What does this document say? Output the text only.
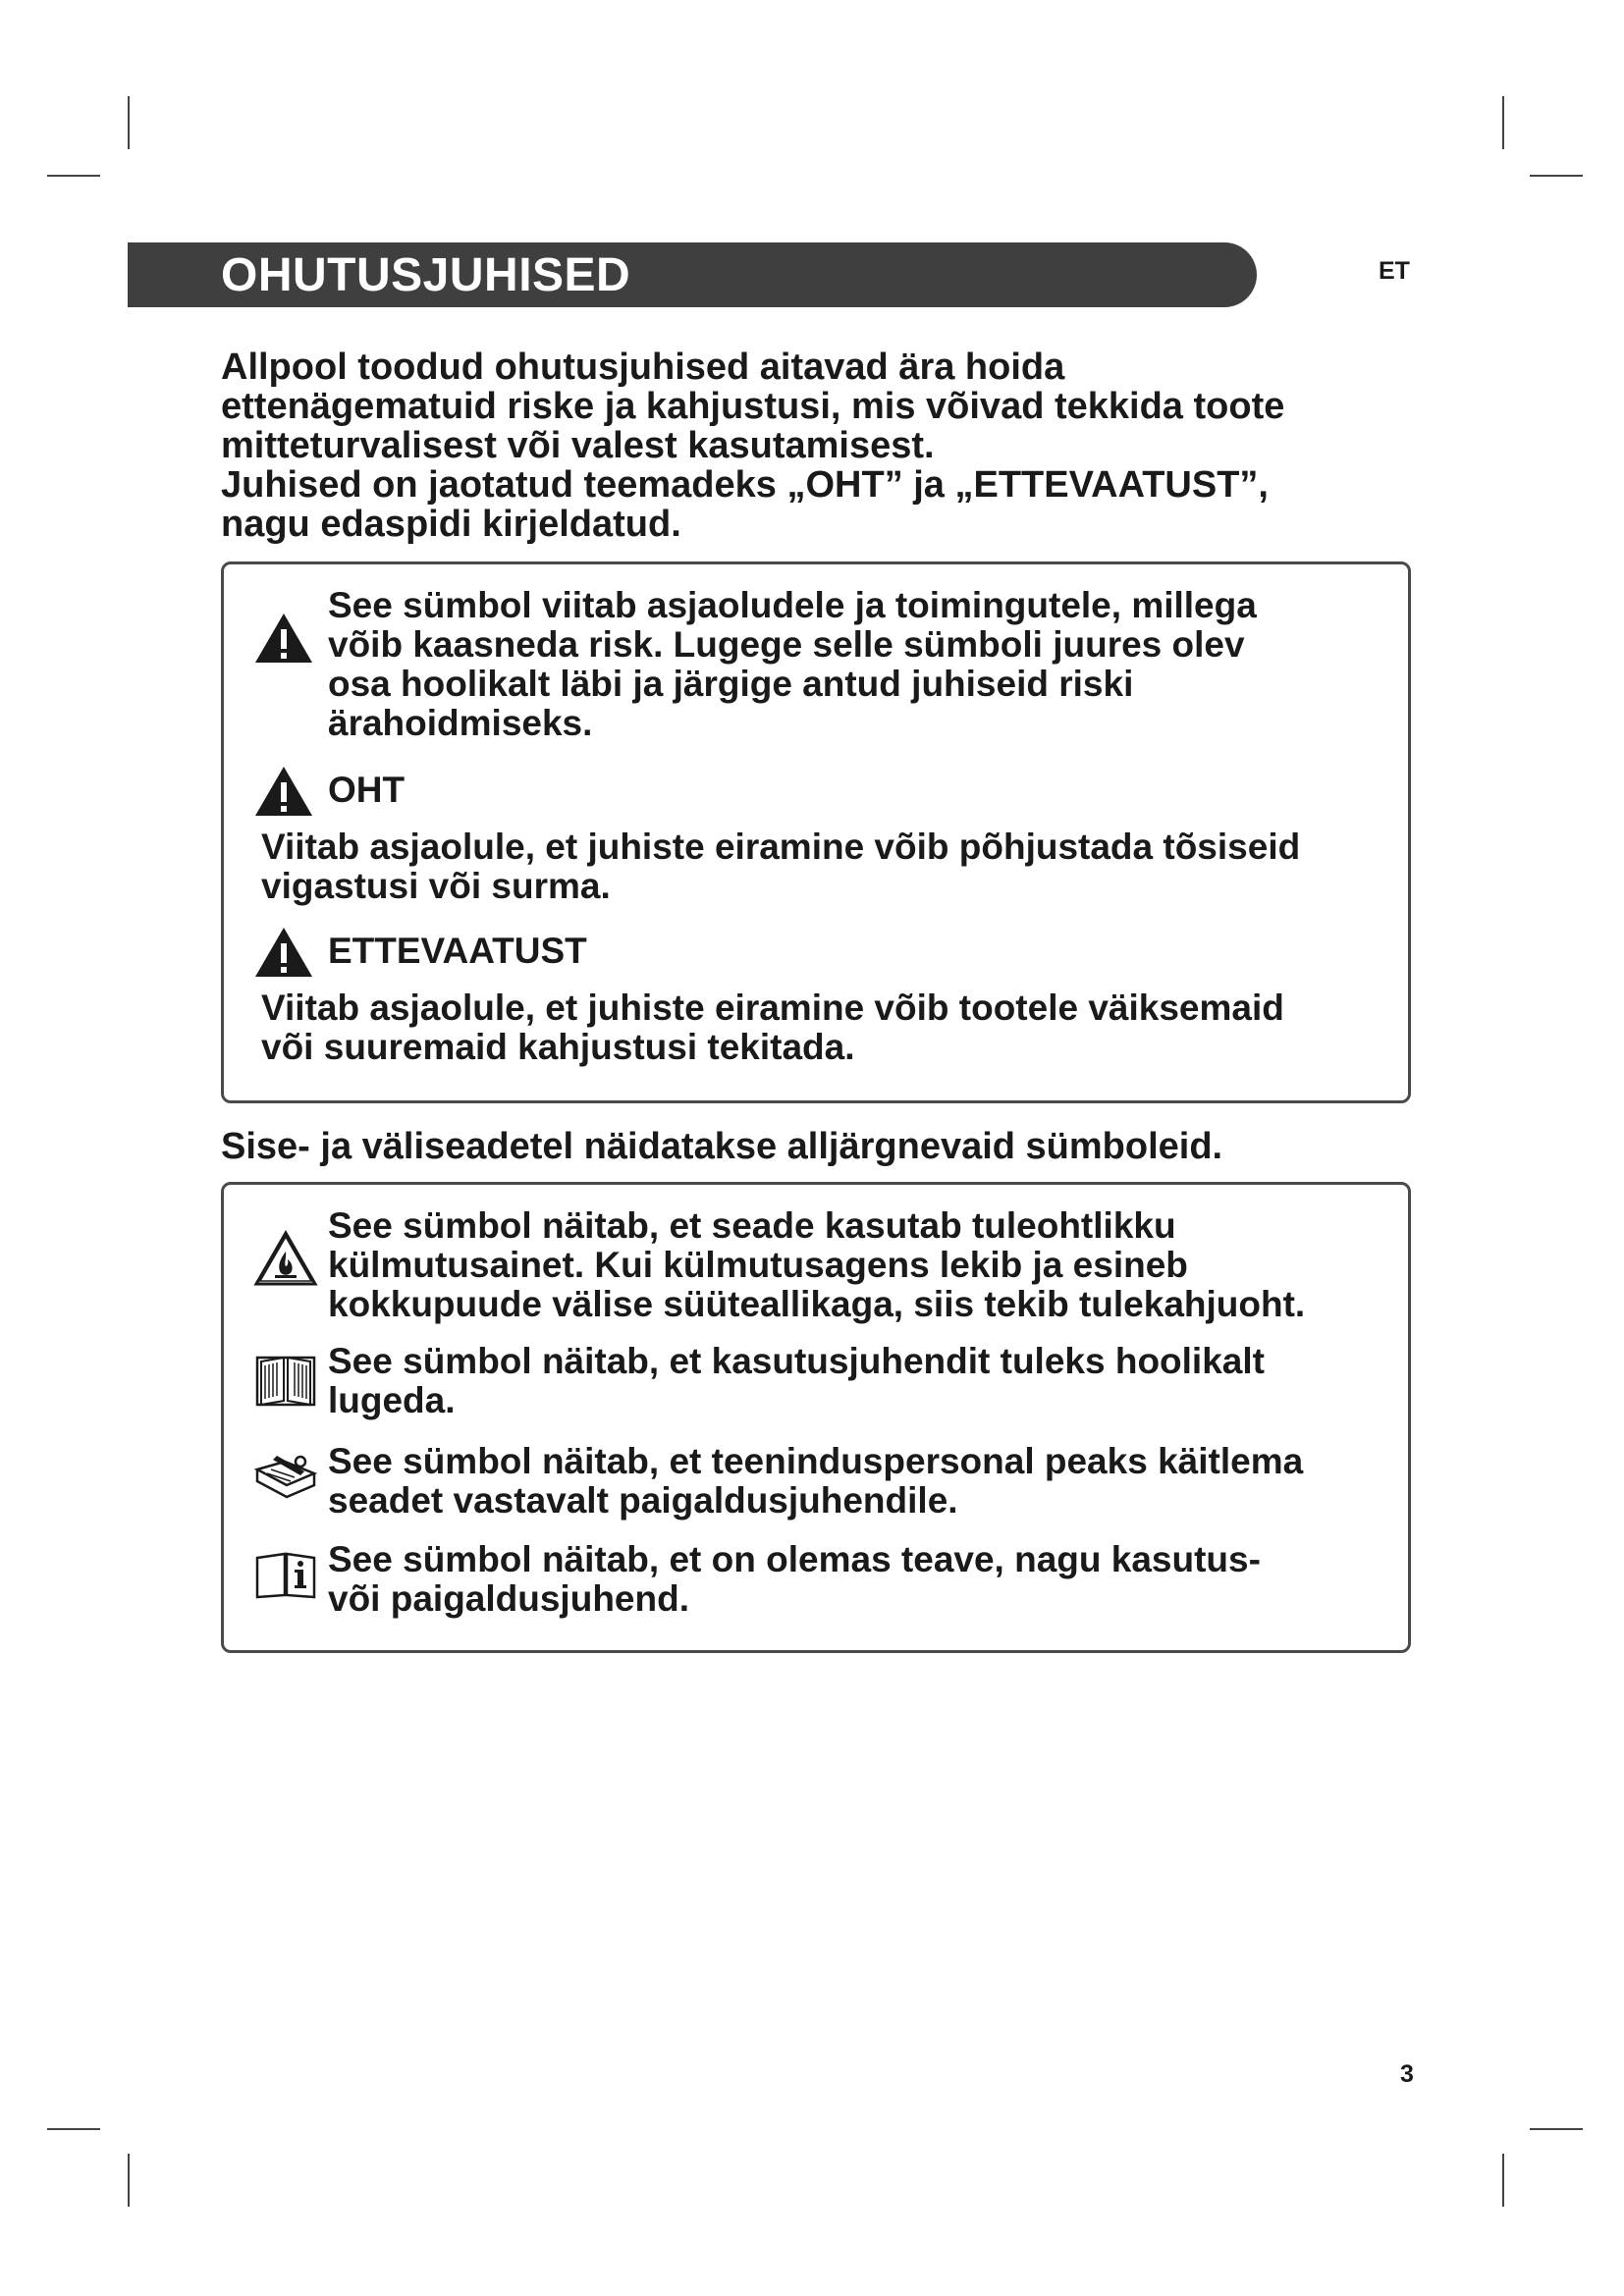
OHUTUSJUHISED	ET

Allpool toodud ohutusjuhised aitavad ära hoida

ettenägematuid riske ja kahjustusi, mis võivad tekkida toote

mitteturvalisest või valest kasutamisest.

Juhised on jaotatud teemadeks „OHT” ja „ETTEVAATUST”,

nagu edaspidi kirjeldatud.

See sümbol viitab asjaoludele ja toimingutele, millega
võib kaasneda risk. Lugege selle sümboli juures olev
osa hoolikalt läbi ja järgige antud juhiseid riski
ärahoidmiseks.
OHT
Viitab asjaolule, et juhiste eiramine võib põhjustada tõsiseid
vigastusi või surma.
ETTEVAATUST
Viitab asjaolule, et juhiste eiramine võib tootele väiksemaid
või suuremaid kahjustusi tekitada.
Sise- ja väliseadetel näidatakse alljärgnevaid sümboleid.
See sümbol näitab, et seade kasutab tuleohtlikku
külmutusainet. Kui külmutusagens lekib ja esineb
kokkupuude välise süüteallikaga, siis tekib tulekahjuoht.
See sümbol näitab, et kasutusjuhendit tuleks hoolikalt
lugeda.
See sümbol näitab, et teeninduspersonal peaks käitlema
seadet vastavalt paigaldusjuhendile.
See sümbol näitab, et on olemas teave, nagu kasutus-
või paigaldusjuhend.
3
